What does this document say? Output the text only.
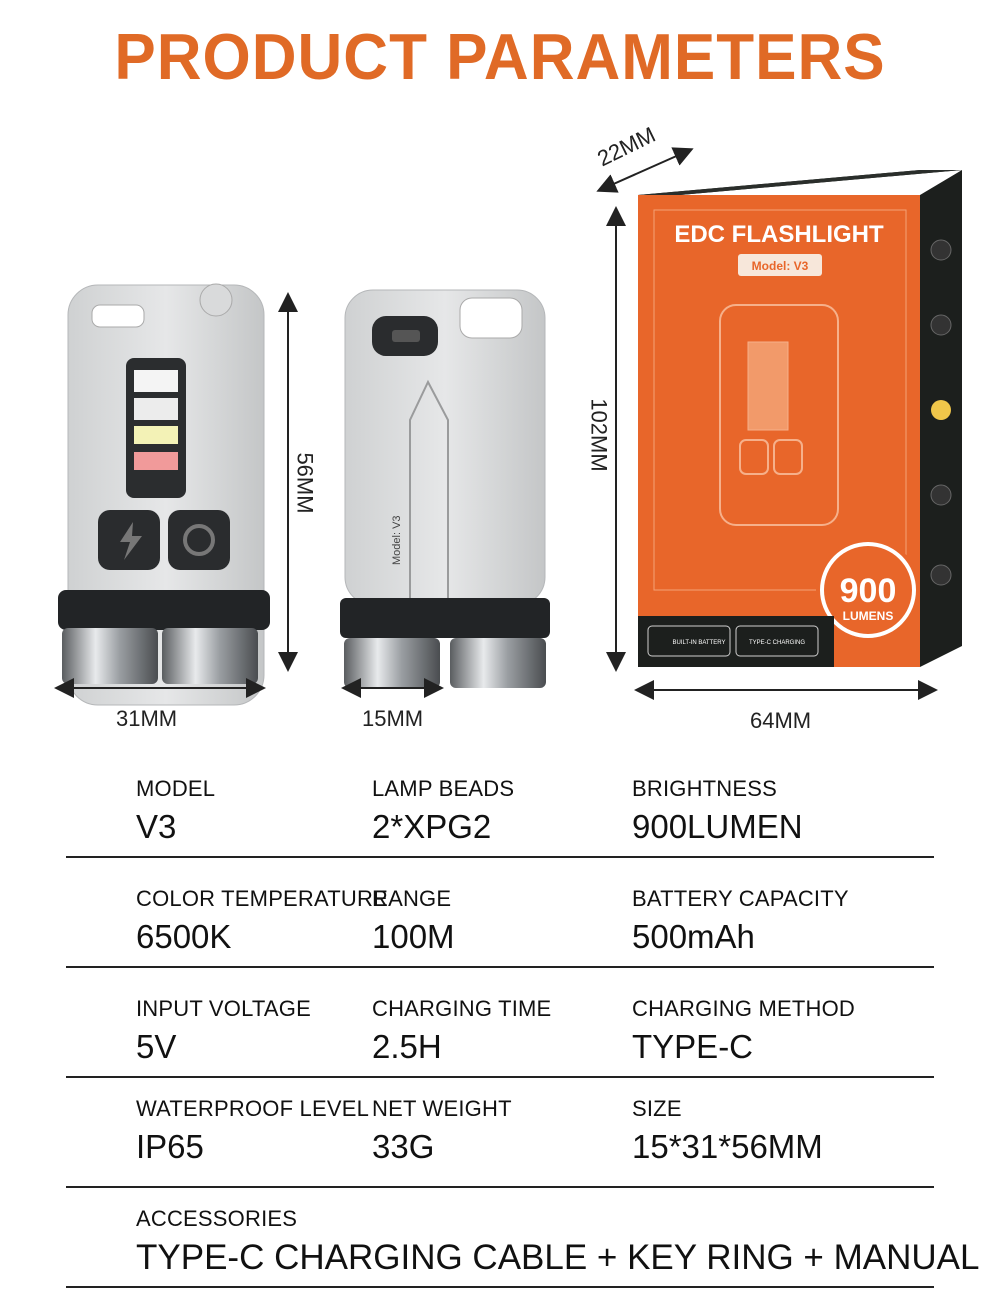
PRODUCT PARAMETERS
Model: V3
EDC FLASHLIGHT
Model: V3
900
LUMENS
BUILT-IN BATTERY	TYPE-C CHARGING
31MM
56MM
15MM
22MM
102MM
64MM
MODEL
V3
LAMP BEADS
2*XPG2
BRIGHTNESS
900LUMEN
COLOR TEMPERATURE
6500K
RANGE
100M
BATTERY CAPACITY
500mAh
INPUT VOLTAGE
5V
CHARGING TIME
2.5H
CHARGING METHOD
TYPE-C
WATERPROOF LEVEL
IP65
NET WEIGHT
33G
SIZE
15*31*56MM
ACCESSORIES
TYPE-C CHARGING CABLE + KEY RING + MANUAL
